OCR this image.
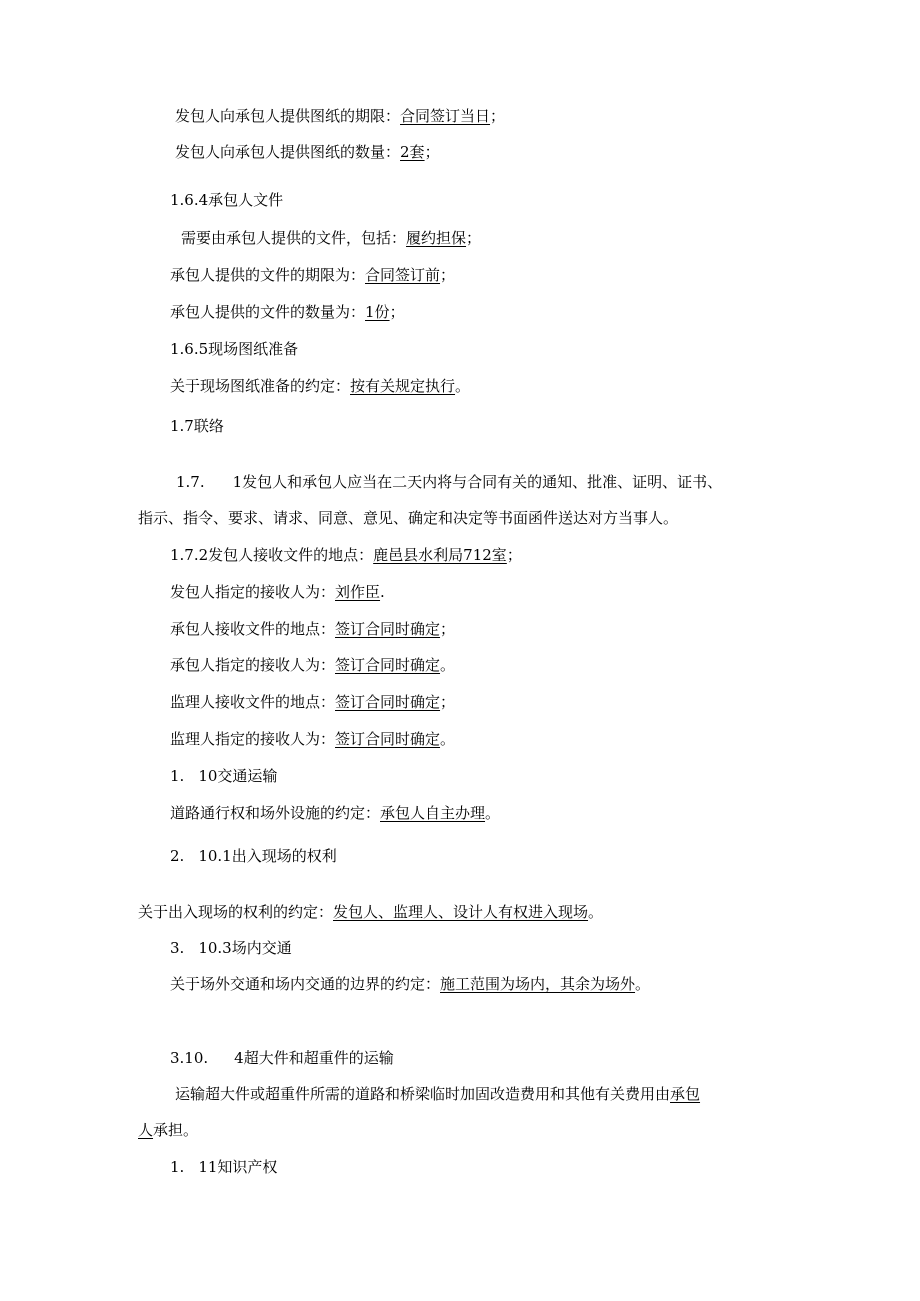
发包人向承包人提供图纸的期限：合同签订当日；

发包人向承包人提供图纸的数量：2套；

1.6.4承包人文件

需要由承包人提供的文件，包括：履约担保；

承包人提供的文件的期限为：合同签订前；

承包人提供的文件的数量为：1份；

1.6.5现场图纸准备

关于现场图纸准备的约定：按有关规定执行。

1.7联络

1.7. 1发包人和承包人应当在二天内将与合同有关的通知、批准、证明、证书、

指示、指令、要求、请求、同意、意见、确定和决定等书面函件送达对方当事人。

1.7.2发包人接收文件的地点：鹿邑县水利局712室；

发包人指定的接收人为：刘作臣.

承包人接收文件的地点：签订合同时确定；

承包人指定的接收人为：签订合同时确定。

监理人接收文件的地点：签订合同时确定；

监理人指定的接收人为：签订合同时确定。

1. 10交通运输

道路通行权和场外设施的约定：承包人自主办理。

2. 10.1出入现场的权利

关于出入现场的权利的约定：发包人、监理人、设计人有权进入现场。

3. 10.3场内交通

关于场外交通和场内交通的边界的约定：施工范围为场内，其余为场外。

3.10. 4超大件和超重件的运输

运输超大件或超重件所需的道路和桥梁临时加固改造费用和其他有关费用由承包

人承担。

1. 11知识产权
